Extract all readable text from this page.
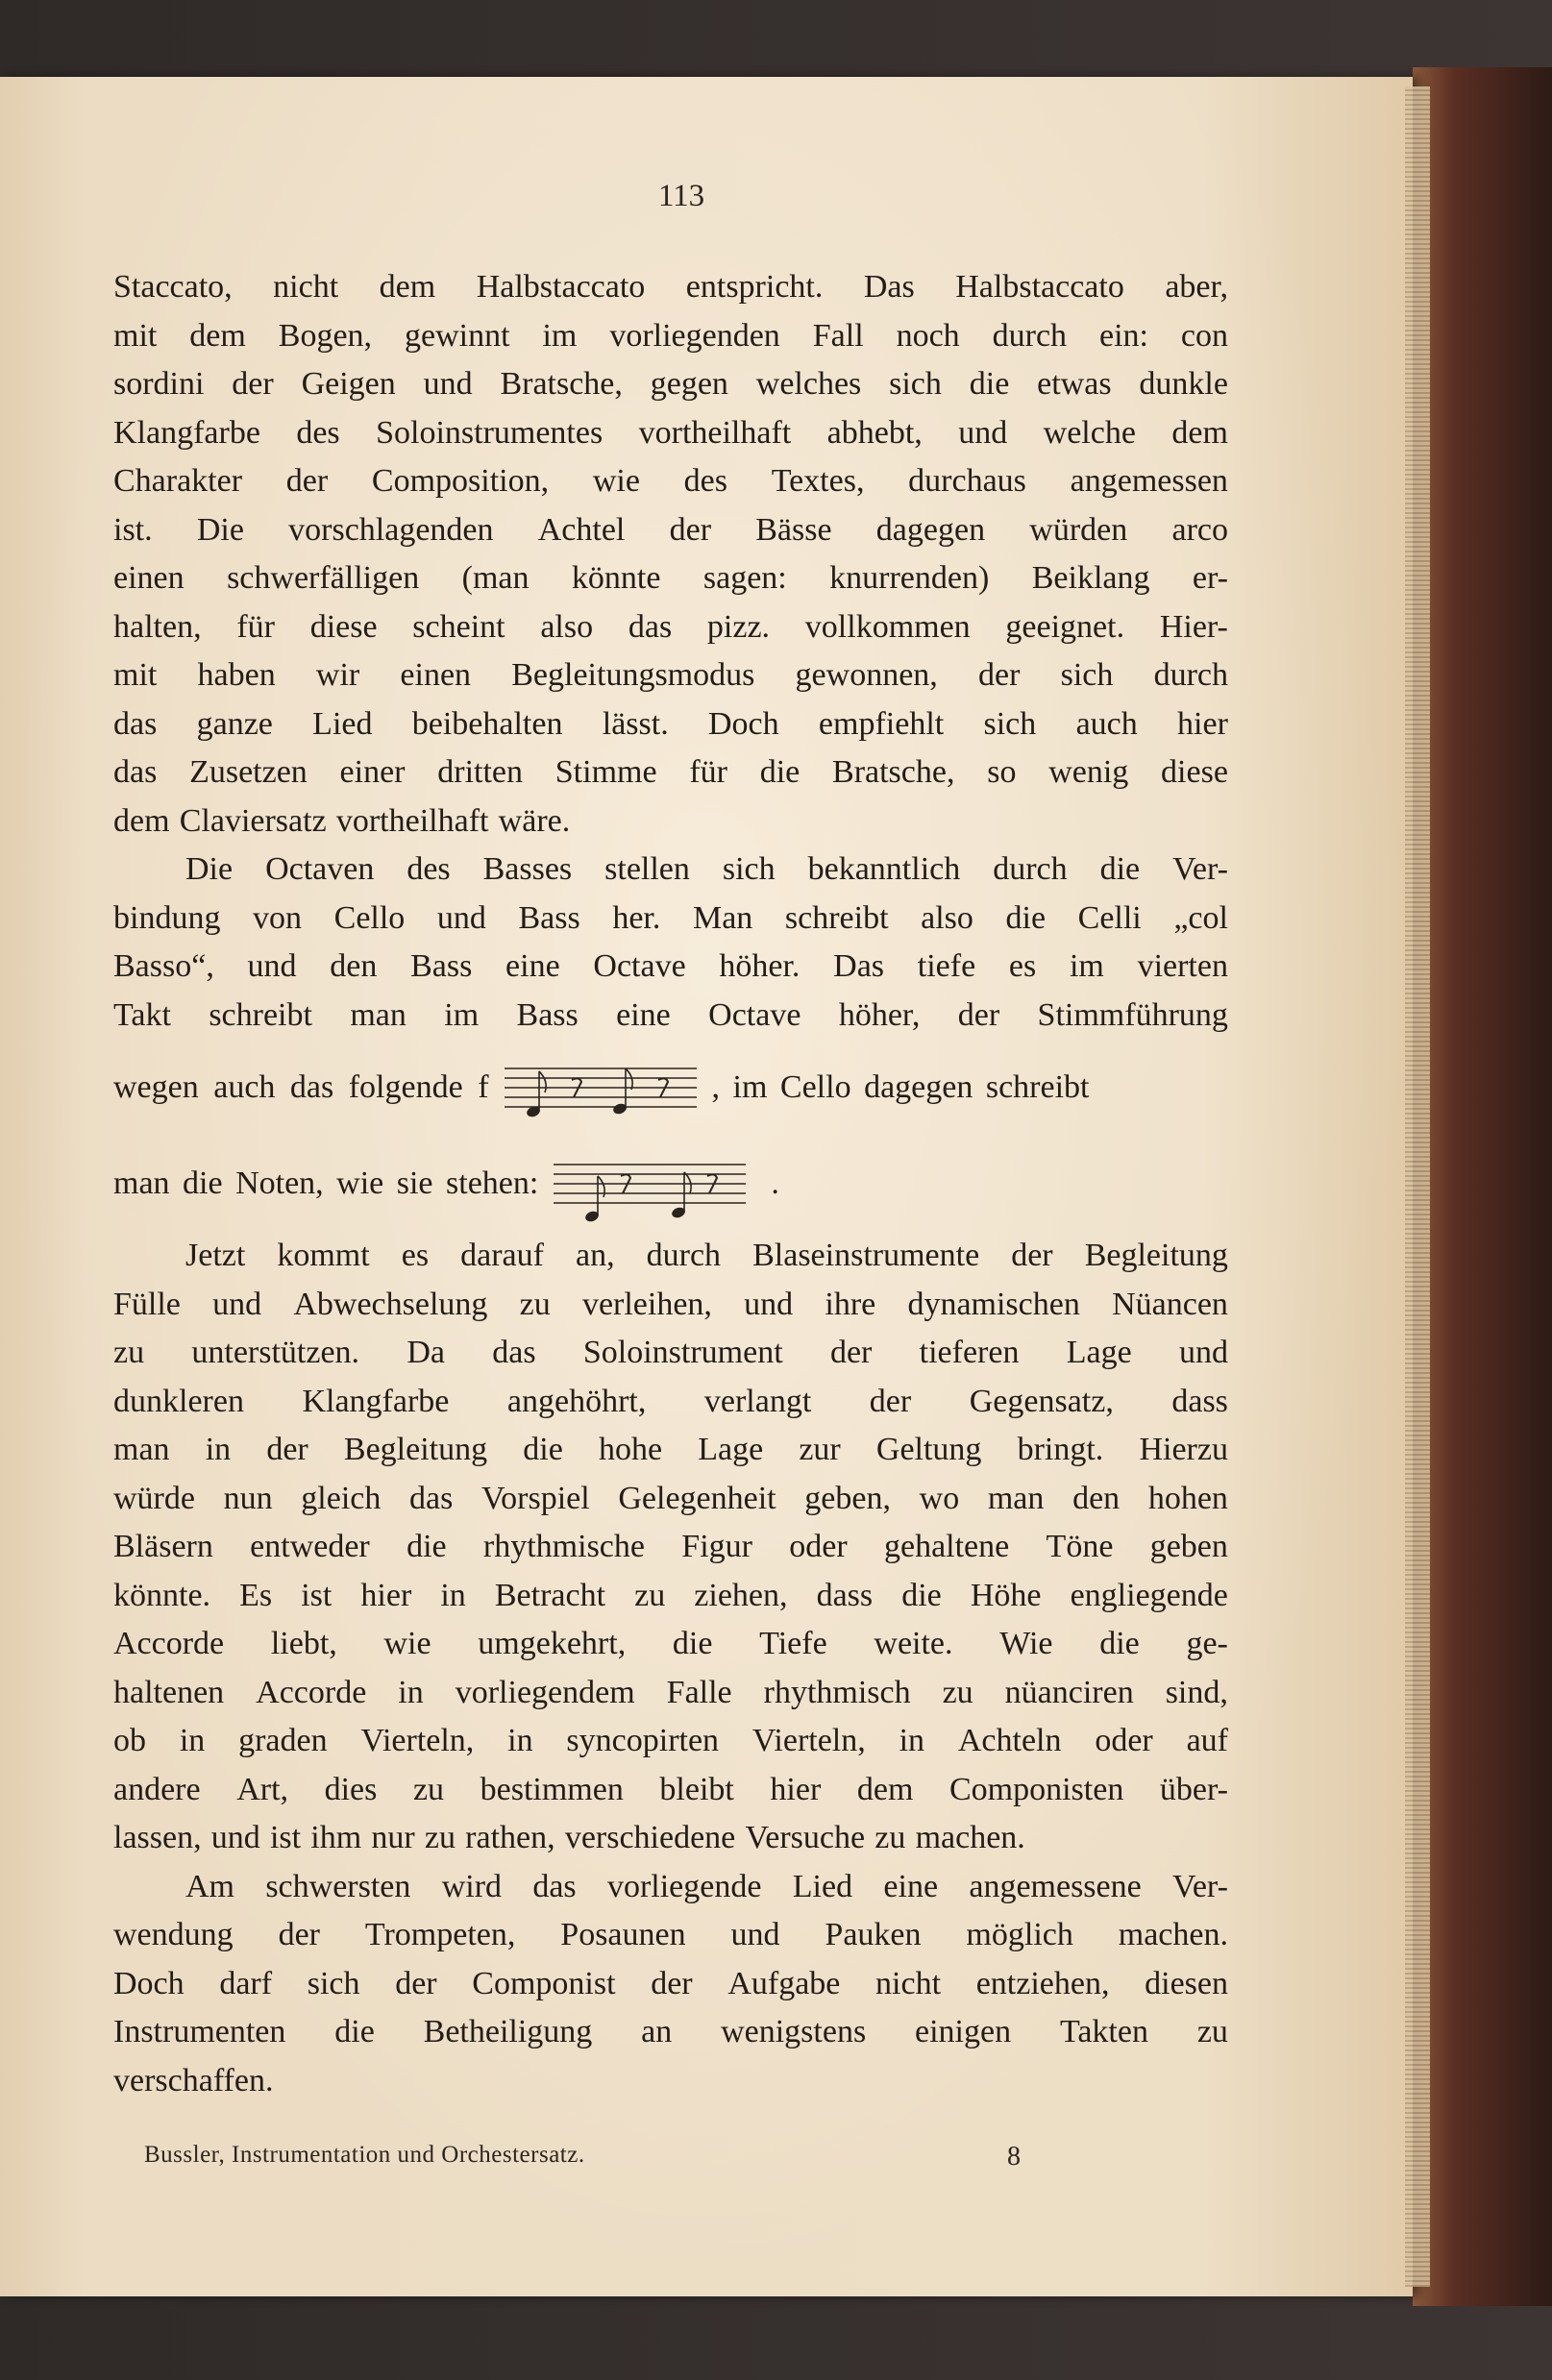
113
Staccato, nicht dem Halbstaccato entspricht. Das Halbstaccato aber,
mit dem Bogen, gewinnt im vorliegenden Fall noch durch ein: con
sordini der Geigen und Bratsche, gegen welches sich die etwas dunkle
Klangfarbe des Soloinstrumentes vortheilhaft abhebt, und welche dem
Charakter der Composition, wie des Textes, durchaus angemessen
ist. Die vorschlagenden Achtel der Bässe dagegen würden arco
einen schwerfälligen (man könnte sagen: knurrenden) Beiklang er-
halten, für diese scheint also das pizz. vollkommen geeignet. Hier-
mit haben wir einen Begleitungsmodus gewonnen, der sich durch
das ganze Lied beibehalten lässt. Doch empfiehlt sich auch hier
das Zusetzen einer dritten Stimme für die Bratsche, so wenig diese
dem Claviersatz vortheilhaft wäre.
Die Octaven des Basses stellen sich bekanntlich durch die Ver-
bindung von Cello und Bass her. Man schreibt also die Celli „col
Basso“, und den Bass eine Octave höher. Das tiefe es im vierten
Takt schreibt man im Bass eine Octave höher, der Stimmführung
wegen auch das folgende f	, im Cello dagegen schreibt
man die Noten, wie sie stehen:	.
Jetzt kommt es darauf an, durch Blaseinstrumente der Begleitung
Fülle und Abwechselung zu verleihen, und ihre dynamischen Nüancen
zu unterstützen. Da das Soloinstrument der tieferen Lage und
dunkleren Klangfarbe angehöhrt, verlangt der Gegensatz, dass
man in der Begleitung die hohe Lage zur Geltung bringt. Hierzu
würde nun gleich das Vorspiel Gelegenheit geben, wo man den hohen
Bläsern entweder die rhythmische Figur oder gehaltene Töne geben
könnte. Es ist hier in Betracht zu ziehen, dass die Höhe engliegende
Accorde liebt, wie umgekehrt, die Tiefe weite. Wie die ge-
haltenen Accorde in vorliegendem Falle rhythmisch zu nüanciren sind,
ob in graden Vierteln, in syncopirten Vierteln, in Achteln oder auf
andere Art, dies zu bestimmen bleibt hier dem Componisten über-
lassen, und ist ihm nur zu rathen, verschiedene Versuche zu machen.
Am schwersten wird das vorliegende Lied eine angemessene Ver-
wendung der Trompeten, Posaunen und Pauken möglich machen.
Doch darf sich der Componist der Aufgabe nicht entziehen, diesen
Instrumenten die Betheiligung an wenigstens einigen Takten zu
verschaffen.
Bussler, Instrumentation und Orchestersatz.	8
